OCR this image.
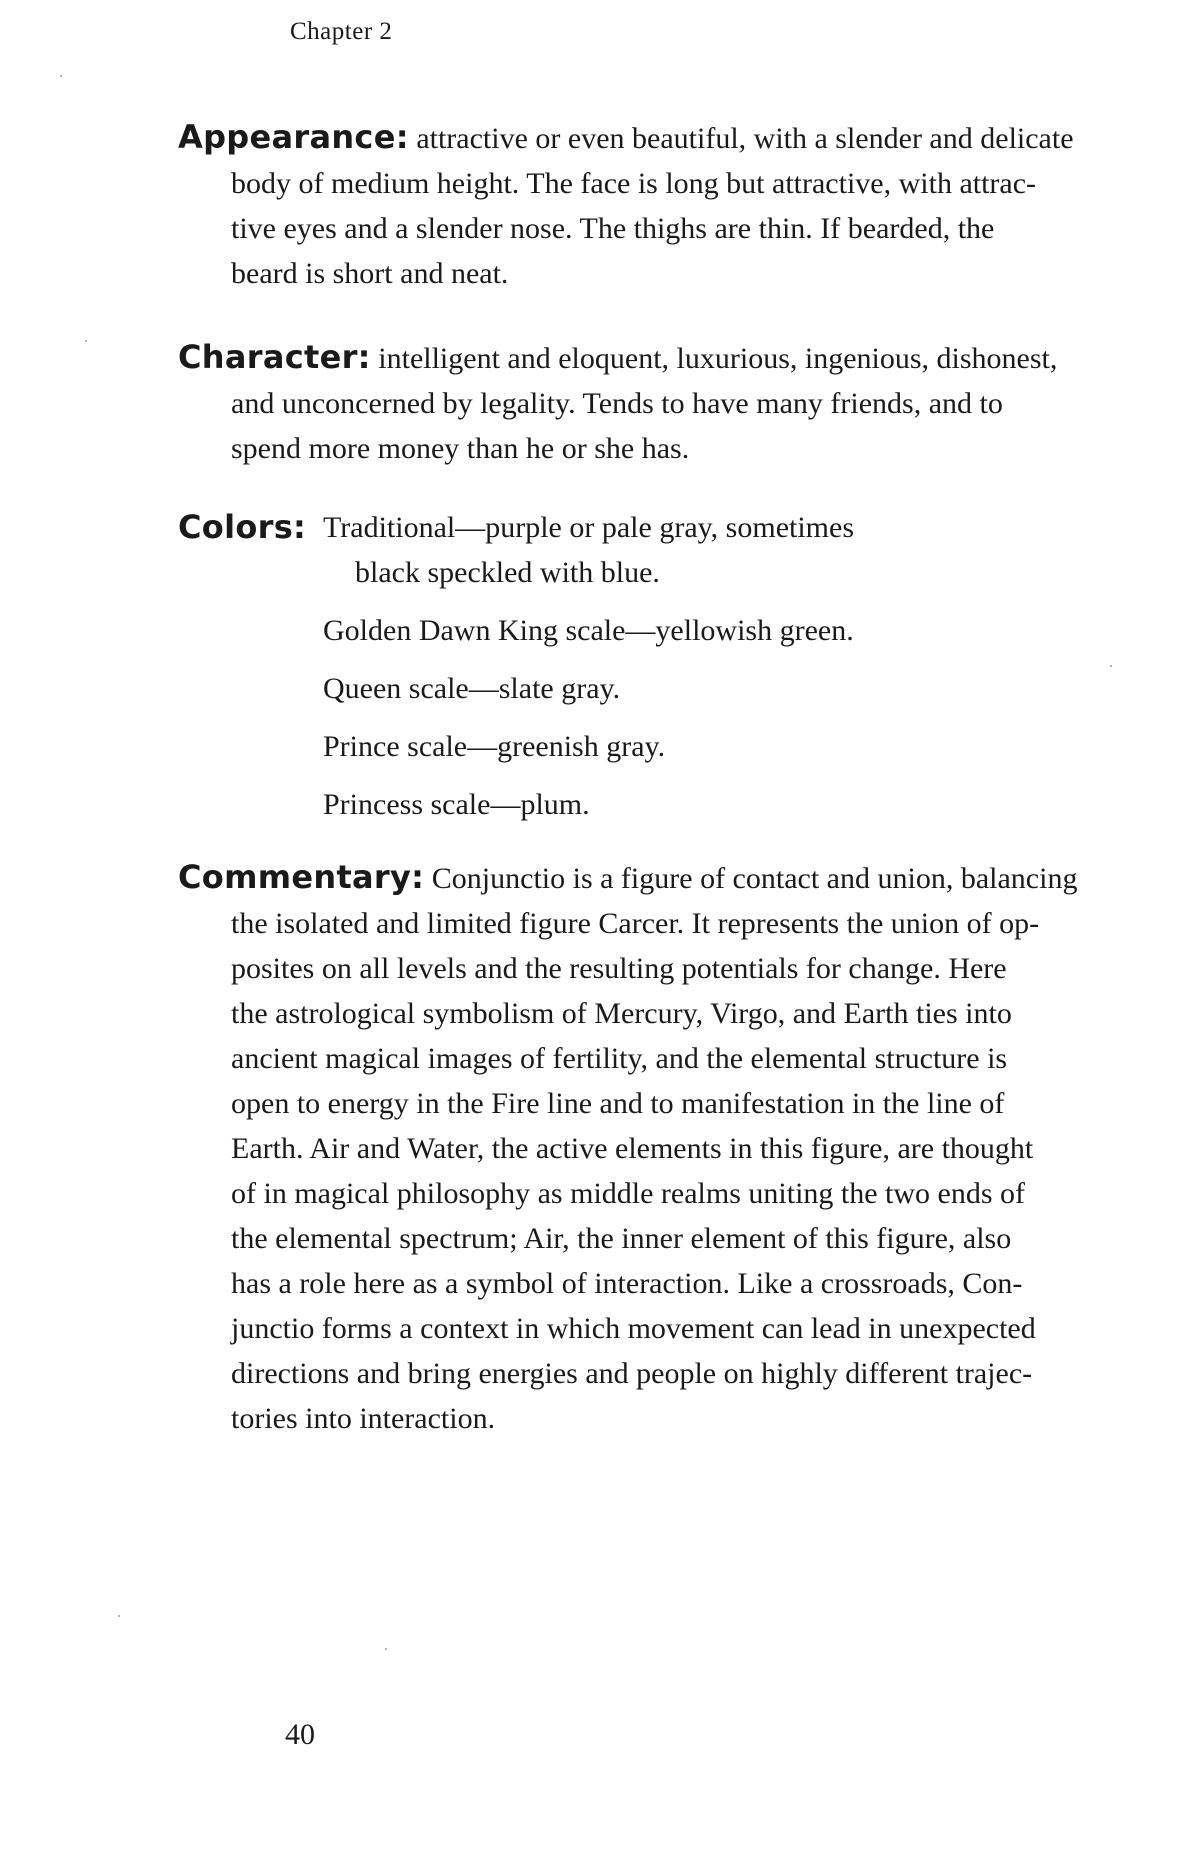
Chapter 2
Appearance: attractive or even beautiful, with a slender and delicate
body of medium height. The face is long but attractive, with attrac-
tive eyes and a slender nose. The thighs are thin. If bearded, the
beard is short and neat.
Character: intelligent and eloquent, luxurious, ingenious, dishonest,
and unconcerned by legality. Tends to have many friends, and to
spend more money than he or she has.
Colors: Traditional—purple or pale gray, sometimes
black speckled with blue.
Golden Dawn King scale—yellowish green.
Queen scale—slate gray.
Prince scale—greenish gray.
Princess scale—plum.
Commentary: Conjunctio is a figure of contact and union, balancing
the isolated and limited figure Carcer. It represents the union of op-
posites on all levels and the resulting potentials for change. Here
the astrological symbolism of Mercury, Virgo, and Earth ties into
ancient magical images of fertility, and the elemental structure is
open to energy in the Fire line and to manifestation in the line of
Earth. Air and Water, the active elements in this figure, are thought
of in magical philosophy as middle realms uniting the two ends of
the elemental spectrum; Air, the inner element of this figure, also
has a role here as a symbol of interaction. Like a crossroads, Con-
junctio forms a context in which movement can lead in unexpected
directions and bring energies and people on highly different trajec-
tories into interaction.
40
